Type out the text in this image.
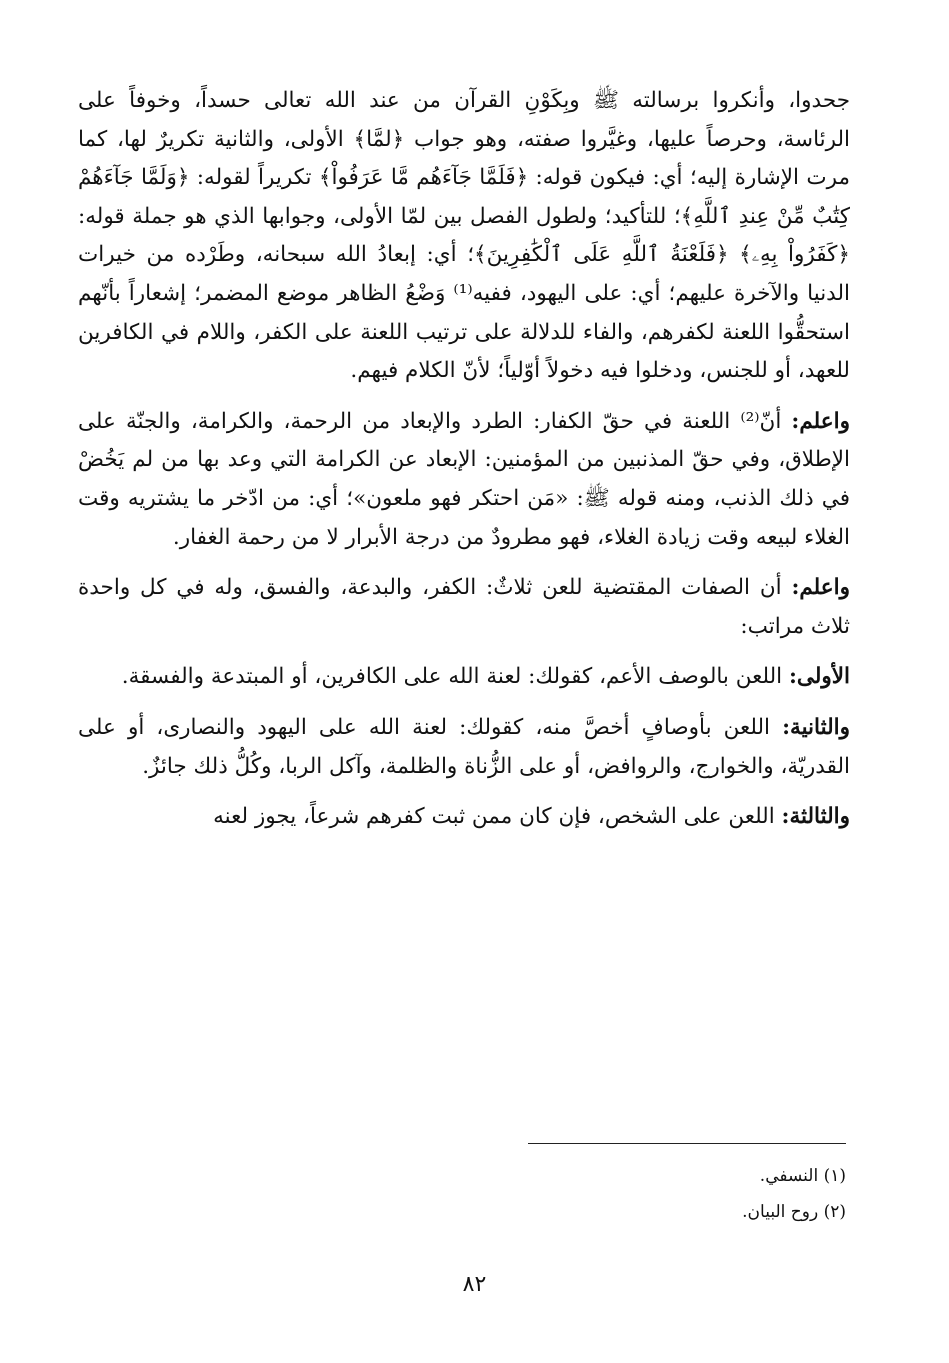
جحدوا، وأنكروا برسالته ﷺ وبِكَوْنِ القرآن من عند الله تعالى حسداً، وخوفاً على الرئاسة، وحرصاً عليها، وغيَّروا صفته، وهو جواب ﴿لمَّا﴾ الأولى، والثانية تكريرٌ لها، كما مرت الإشارة إليه؛ أي: فيكون قوله: ﴿فَلَمَّا جَآءَهُم مَّا عَرَفُواْ﴾ تكريراً لقوله: ﴿وَلَمَّا جَآءَهُمْ كِتَٰبٌ مِّنْ عِندِ ٱللَّهِ﴾؛ للتأكيد؛ ولطول الفصل بين لمّا الأولى، وجوابها الذي هو جملة قوله: ﴿كَفَرُواْ بِهِۦ﴾ ﴿فَلَعْنَةُ ٱللَّهِ عَلَى ٱلْكَٰفِرِينَ﴾؛ أي: إبعادُ الله سبحانه، وطَرْده من خيرات الدنيا والآخرة عليهم؛ أي: على اليهود، ففيه⁽¹⁾ وَضْعُ الظاهر موضع المضمر؛ إشعاراً بأنّهم استحقُّوا اللعنة لكفرهم، والفاء للدلالة على ترتيب اللعنة على الكفر، واللام في الكافرين للعهد، أو للجنس، ودخلوا فيه دخولاً أوّلياً؛ لأنّ الكلام فيهم.

واعلم: أنّ⁽²⁾ اللعنة في حقّ الكفار: الطرد والإبعاد من الرحمة، والكرامة، والجنّة على الإطلاق، وفي حقّ المذنبين من المؤمنين: الإبعاد عن الكرامة التي وعد بها من لم يَخُضْ في ذلك الذنب، ومنه قوله ﷺ: «مَن احتكر فهو ملعون»؛ أي: من ادّخر ما يشتريه وقت الغلاء لبيعه وقت زيادة الغلاء، فهو مطرودٌ من درجة الأبرار لا من رحمة الغفار.

واعلم: أن الصفات المقتضية للعن ثلاثٌ: الكفر، والبدعة، والفسق، وله في كل واحدة ثلاث مراتب:

الأولى: اللعن بالوصف الأعم، كقولك: لعنة الله على الكافرين، أو المبتدعة والفسقة.

والثانية: اللعن بأوصافٍ أخصَّ منه، كقولك: لعنة الله على اليهود والنصارى، أو على القدريّة، والخوارج، والروافض، أو على الزُّناة والظلمة، وآكل الربا، وكُلُّ ذلك جائزٌ.

والثالثة: اللعن على الشخص، فإن كان ممن ثبت كفرهم شرعاً، يجوز لعنه

(١) النسفي.
(٢) روح البيان.
٨٢
